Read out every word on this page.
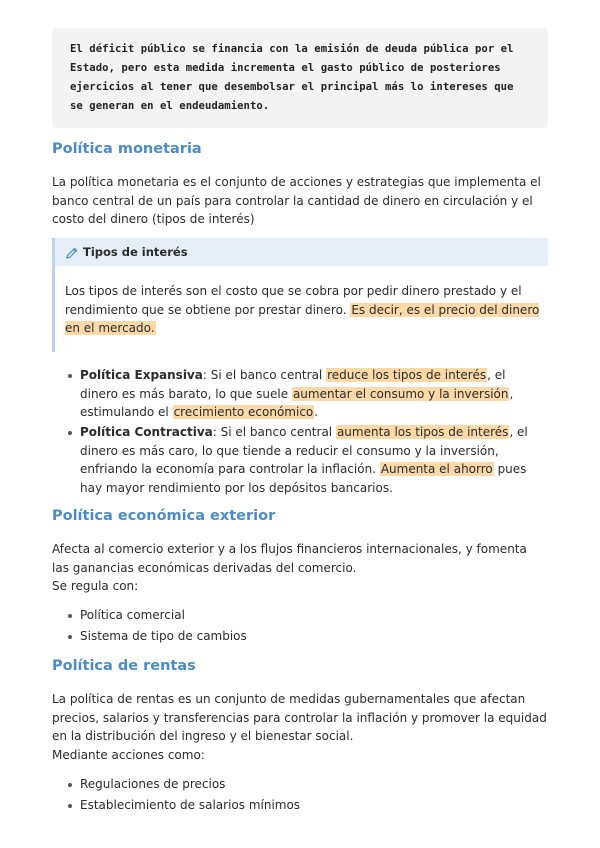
El déficit público se financia con la emisión de deuda pública por el

Estado, pero esta medida incrementa el gasto público de posteriores

ejercicios al tener que desembolsar el principal más lo intereses que

se generan en el endeudamiento.

Política monetaria

La política monetaria es el conjunto de acciones y estrategias que implementa el banco central de un país para controlar la cantidad de dinero en circulación y el costo del dinero (tipos de interés)

Tipos de interés

Los tipos de interés son el costo que se cobra por pedir dinero prestado y el rendimiento que se obtiene por prestar dinero. Es decir, es el precio del dinero en el mercado.

Política Expansiva: Si el banco central reduce los tipos de interés, el dinero es más barato, lo que suele aumentar el consumo y la inversión, estimulando el crecimiento económico.
Política Contractiva: Si el banco central aumenta los tipos de interés, el dinero es más caro, lo que tiende a reducir el consumo y la inversión, enfriando la economía para controlar la inflación. Aumenta el ahorro pues hay mayor rendimiento por los depósitos bancarios.
Política económica exterior

Afecta al comercio exterior y a los flujos financieros internacionales, y fomenta las ganancias económicas derivadas del comercio.
Se regula con:

Política comercial
Sistema de tipo de cambios
Política de rentas

La política de rentas es un conjunto de medidas gubernamentales que afectan precios, salarios y transferencias para controlar la inflación y promover la equidad en la distribución del ingreso y el bienestar social.
Mediante acciones como:

Regulaciones de precios
Establecimiento de salarios mínimos
